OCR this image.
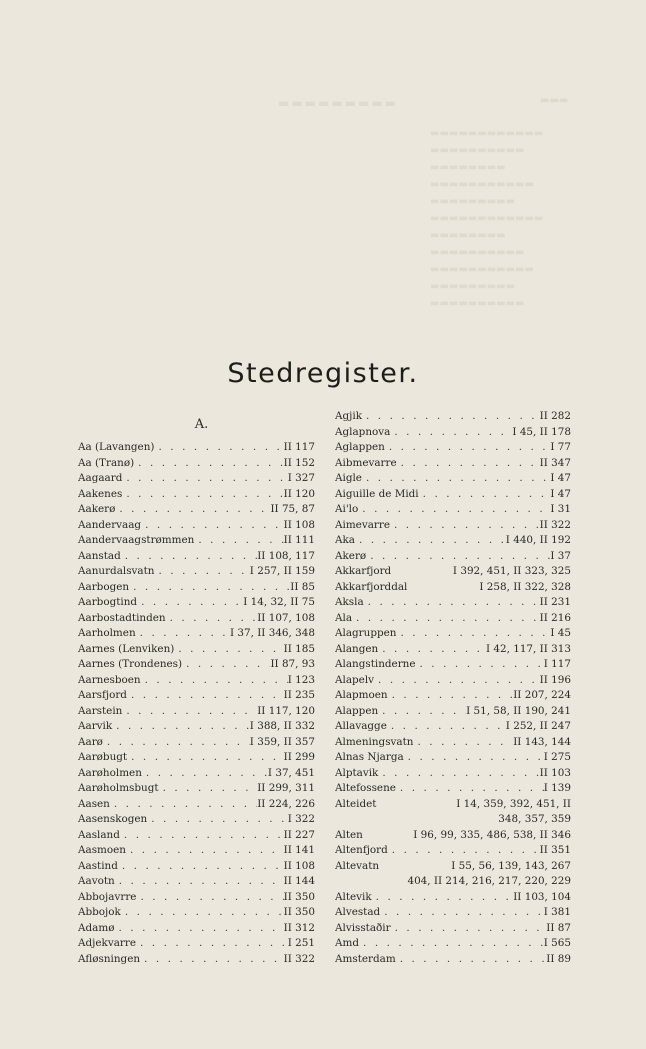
▬▬▬▬▬▬▬▬▬	▬▬▬
▬▬▬▬▬▬▬▬▬▬▬▬
▬▬▬▬▬▬▬▬▬▬
▬▬▬▬▬▬▬▬
▬▬▬▬▬▬▬▬▬▬▬
▬▬▬▬▬▬▬▬▬
▬▬▬▬▬▬▬▬▬▬▬▬
▬▬▬▬▬▬▬▬
▬▬▬▬▬▬▬▬▬▬
▬▬▬▬▬▬▬▬▬▬▬
▬▬▬▬▬▬▬▬▬
▬▬▬▬▬▬▬▬▬▬
Stedregister.
A.
Aa (Lavangen) . . .	II 117
Aa (Tranø) . . .	II 152
Aagaard . . .	I 327
Aakenes . . .	II 120
Aakerø . . .	II 75, 87
Aandervaag . . .	II 108
Aandervaagstrømmen . . .	II 111
Aanstad . . .	II 108, 117
Aanurdalsvatn . . .	I 257, II 159
Aarbogen . . .	II 85
Aarbogtind . . .	I 14, 32, II 75
Aarbostadtinden . . .	II 107, 108
Aarholmen . . .	I 37, II 346, 348
Aarnes (Lenviken) . . .	II 185
Aarnes (Trondenes) . . .	II 87, 93
Aarnesboen . . .	I 123
Aarsfjord . . .	II 235
Aarstein . . .	II 117, 120
Aarvik . . .	I 388, II 332
Aarø . . .	I 359, II 357
Aarøbugt . . .	II 299
Aarøholmen . . .	I 37, 451
Aarøholmsbugt . . .	II 299, 311
Aasen . . .	II 224, 226
Aasenskogen . . .	I 322
Aasland . . .	II 227
Aasmoen . . .	II 141
Aastind . . .	II 108
Aavotn . . .	II 144
Abbojavrre . . .	II 350
Abbojok . . .	II 350
Adamø . . .	II 312
Adjekvarre . . .	I 251
Afløsningen . . .	II 322
Agjik . . .	II 282
Aglapnova . . .	I 45, II 178
Aglappen . . .	I 77
Aibmevarre . . .	II 347
Aigle . . .	I 47
Aiguille de Midi . . .	I 47
Ai'lo . . .	I 31
Aimevarre . . .	II 322
Aka . . .	I 440, II 192
Akerø . . .	I 37
Akkarfjord	I 392, 451, II 323, 325
Akkarfjorddal	I 258, II 322, 328
Aksla . . .	II 231
Ala . . .	II 216
Alagruppen . . .	I 45
Alangen . . .	I 42, 117, II 313
Alangstinderne . . .	I 117
Alapelv . . .	II 196
Alapmoen . . .	II 207, 224
Alappen . . .	I 51, 58, II 190, 241
Allavagge . . .	I 252, II 247
Almeningsvatn . . .	II 143, 144
Alnas Njarga . . .	I 275
Alptavik . . .	II 103
Altefossene . . .	I 139
Alteidet	I 14, 359, 392, 451, II
348, 357, 359
Alten	I 96, 99, 335, 486, 538, II 346
Altenfjord . . .	II 351
Altevatn	I 55, 56, 139, 143, 267
404, II 214, 216, 217, 220, 229
Altevik . . .	II 103, 104
Alvestad . . .	I 381
Alvisstaðir . . .	II 87
Amd . . .	I 565
Amsterdam . . .	II 89
